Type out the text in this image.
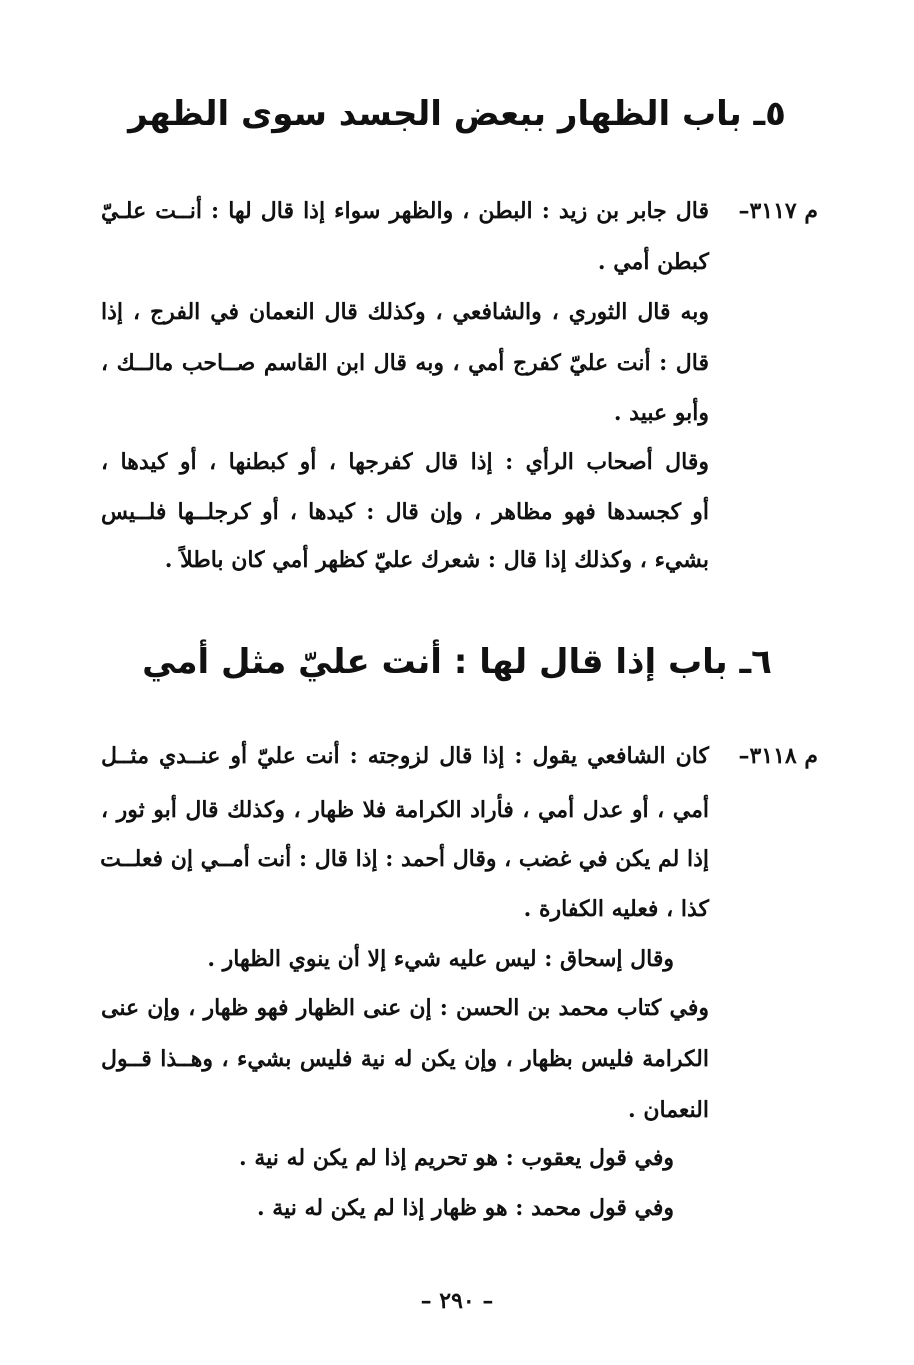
٥ـ باب الظهار ببعض الجسد سوى الظهر
م ٣١١٧–
قال جابر بن زيد : البطن ، والظهر سواء إذا قال لها : أنــت علـيّ
كبطن أمي .
وبه قال الثوري ، والشافعي ، وكذلك قال النعمان في الفرج ، إذا
قال : أنت عليّ كفرج أمي ، وبه قال ابن القاسم صــاحب مالــك ،
وأبو عبيد .
وقال أصحاب الرأي : إذا قال كفرجها ، أو كبطنها ، أو كيدها ،
أو كجسدها فهو مظاهر ، وإن قال : كيدها ، أو كرجلــها فلــيس
بشيء ، وكذلك إذا قال : شعرك عليّ كظهر أمي كان باطلاً .
٦ـ باب إذا قال لها : أنت عليّ مثل أمي
م ٣١١٨–
كان الشافعي يقول : إذا قال لزوجته : أنت عليّ أو عنــدي مثــل
أمي ، أو عدل أمي ، فأراد الكرامة فلا ظهار ، وكذلك قال أبو ثور ،
إذا لم يكن في غضب ، وقال أحمد : إذا قال : أنت أمــي إن فعلــت
كذا ، فعليه الكفارة .
وقال إسحاق : ليس عليه شيء إلا أن ينوي الظهار .
وفي كتاب محمد بن الحسن : إن عنى الظهار فهو ظهار ، وإن عنى
الكرامة فليس بظهار ، وإن يكن له نية فليس بشيء ، وهــذا قــول
النعمان .
وفي قول يعقوب : هو تحريم إذا لم يكن له نية .
وفي قول محمد : هو ظهار إذا لم يكن له نية .
– ٢٩٠ –
